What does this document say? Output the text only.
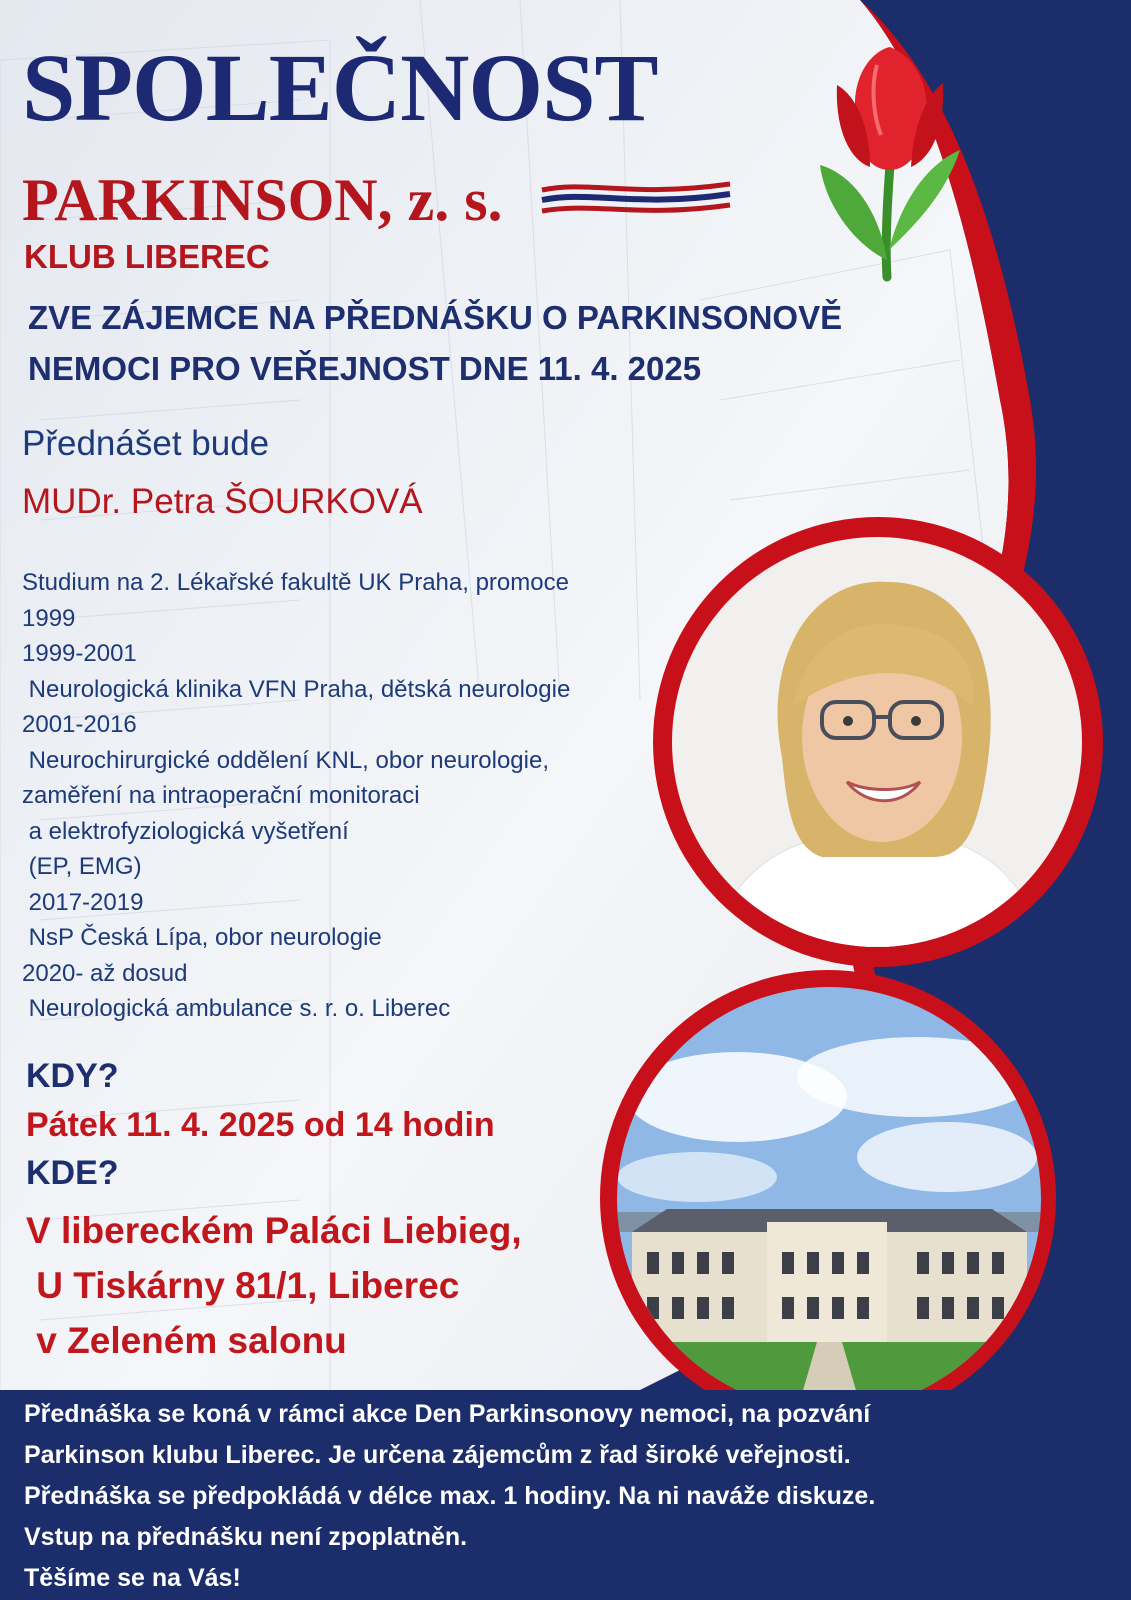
SPOLEČNOST
PARKINSON, z. s.
KLUB LIBEREC
ZVE ZÁJEMCE NA PŘEDNÁŠKU O PARKINSONOVĚ
NEMOCI PRO VEŘEJNOST DNE 11. 4. 2025
Přednášet bude
MUDr. Petra ŠOURKOVÁ
Studium na 2. Lékařské fakultě UK Praha, promoce
1999
1999-2001
Neurologická klinika VFN Praha, dětská neurologie
2001-2016
Neurochirurgické oddělení KNL, obor neurologie,
zaměření na intraoperační monitoraci
a elektrofyziologická vyšetření
(EP, EMG)
2017-2019
NsP Česká Lípa, obor neurologie
2020- až dosud
Neurologická ambulance s. r. o. Liberec
KDY?
Pátek 11. 4. 2025 od 14 hodin
KDE?
V libereckém Paláci Liebieg,
U Tiskárny 81/1, Liberec
v Zeleném salonu
Přednáška se koná v rámci akce Den Parkinsonovy nemoci, na pozvání
Parkinson klubu Liberec. Je určena zájemcům z řad široké veřejnosti.
Přednáška se předpokládá v délce max. 1 hodiny. Na ni naváže diskuze.
Vstup na přednášku není zpoplatněn.
Těšíme se na Vás!
